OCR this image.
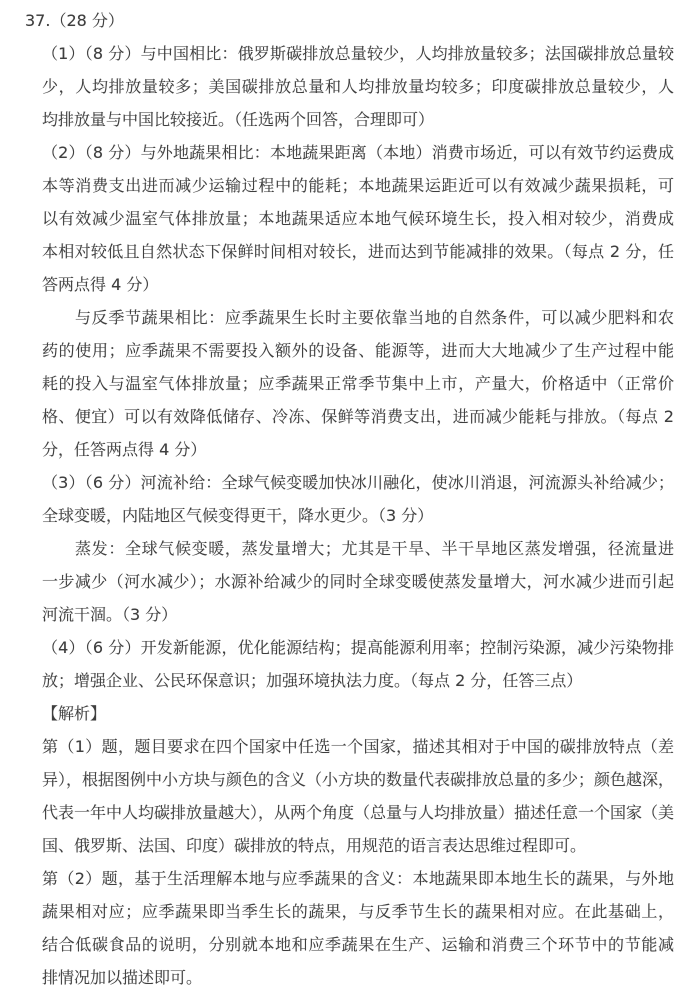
37.（28 分）
（1）（8 分）与中国相比：俄罗斯碳排放总量较少，人均排放量较多；法国碳排放总量较
少，人均排放量较多；美国碳排放总量和人均排放量均较多；印度碳排放总量较少，人
均排放量与中国比较接近。（任选两个回答，合理即可）
（2）（8 分）与外地蔬果相比：本地蔬果距离（本地）消费市场近，可以有效节约运费成
本等消费支出进而减少运输过程中的能耗；本地蔬果运距近可以有效减少蔬果损耗，可
以有效减少温室气体排放量；本地蔬果适应本地气候环境生长，投入相对较少，消费成
本相对较低且自然状态下保鲜时间相对较长，进而达到节能减排的效果。（每点 2 分，任
答两点得 4 分）
与反季节蔬果相比：应季蔬果生长时主要依靠当地的自然条件，可以减少肥料和农
药的使用；应季蔬果不需要投入额外的设备、能源等，进而大大地减少了生产过程中能
耗的投入与温室气体排放量；应季蔬果正常季节集中上市，产量大，价格适中（正常价
格、便宜）可以有效降低储存、冷冻、保鲜等消费支出，进而减少能耗与排放。（每点 2
分，任答两点得 4 分）
（3）（6 分）河流补给：全球气候变暖加快冰川融化，使冰川消退，河流源头补给减少；
全球变暖，内陆地区气候变得更干，降水更少。（3 分）
蒸发：全球气候变暖，蒸发量增大；尤其是干旱、半干旱地区蒸发增强，径流量进
一步减少（河水减少）；水源补给减少的同时全球变暖使蒸发量增大，河水减少进而引起
河流干涸。（3 分）
（4）（6 分）开发新能源，优化能源结构；提高能源利用率；控制污染源，减少污染物排
放；增强企业、公民环保意识；加强环境执法力度。（每点 2 分，任答三点）
【解析】
第（1）题，题目要求在四个国家中任选一个国家，描述其相对于中国的碳排放特点（差
异），根据图例中小方块与颜色的含义（小方块的数量代表碳排放总量的多少；颜色越深，
代表一年中人均碳排放量越大），从两个角度（总量与人均排放量）描述任意一个国家（美
国、俄罗斯、法国、印度）碳排放的特点，用规范的语言表达思维过程即可。
第（2）题，基于生活理解本地与应季蔬果的含义：本地蔬果即本地生长的蔬果，与外地
蔬果相对应；应季蔬果即当季生长的蔬果，与反季节生长的蔬果相对应。在此基础上，
结合低碳食品的说明，分别就本地和应季蔬果在生产、运输和消费三个环节中的节能减
排情况加以描述即可。
